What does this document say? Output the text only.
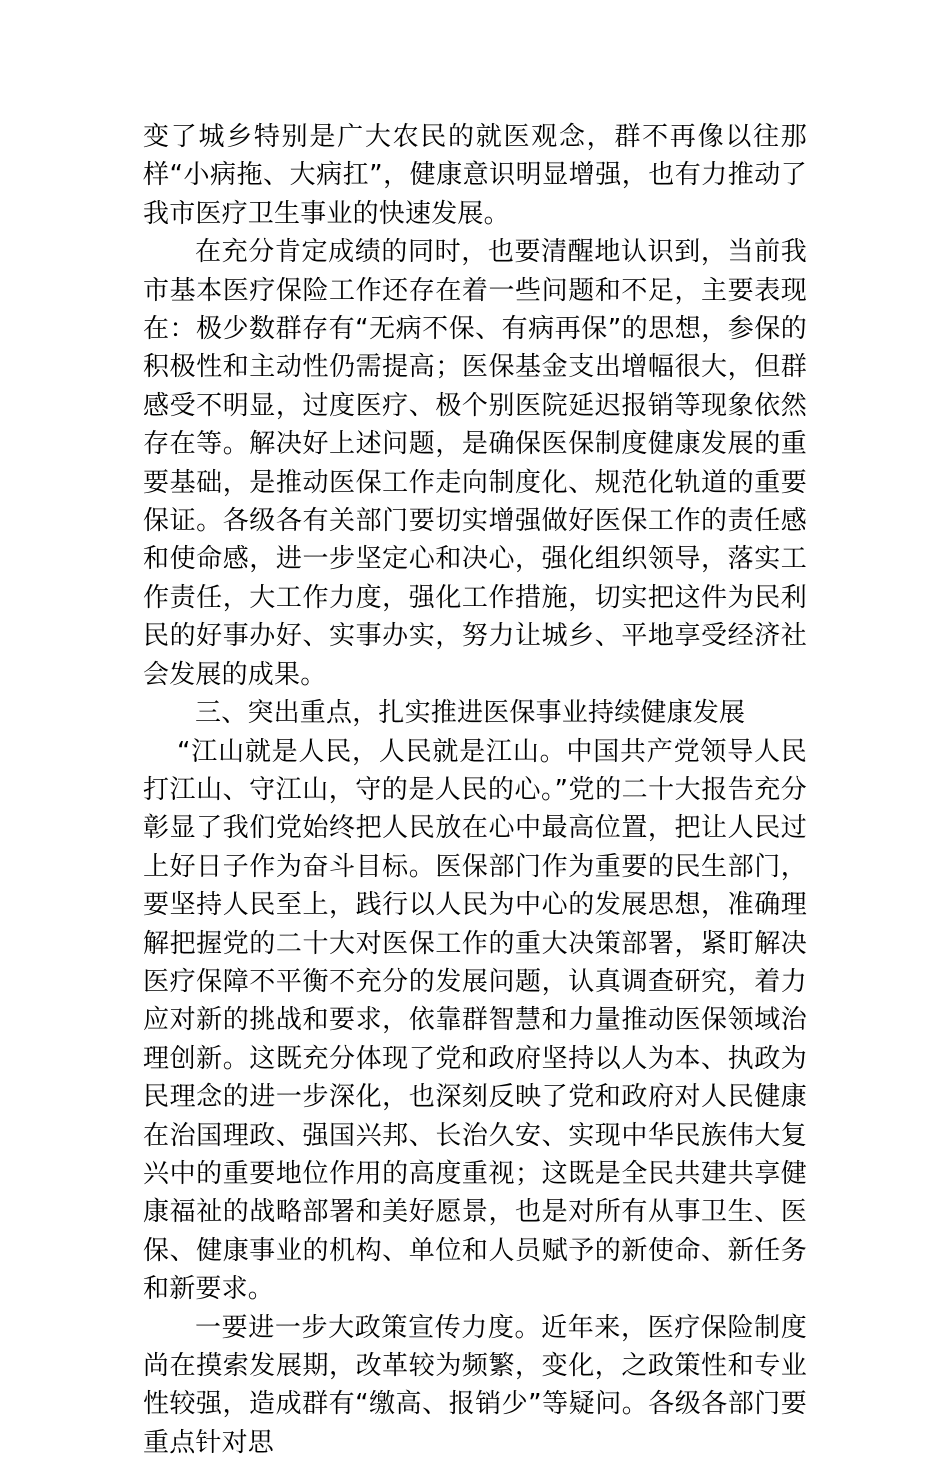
变了城乡特别是广大农民的就医观念，群不再像以往那样“小病拖、大病扛”，健康意识明显增强，也有力推动了我市医疗卫生事业的快速发展。

在充分肯定成绩的同时，也要清醒地认识到，当前我市基本医疗保险工作还存在着一些问题和不足，主要表现在：极少数群存有“无病不保、有病再保”的思想，参保的积极性和主动性仍需提高；医保基金支出增幅很大，但群感受不明显，过度医疗、极个别医院延迟报销等现象依然存在等。解决好上述问题，是确保医保制度健康发展的重要基础，是推动医保工作走向制度化、规范化轨道的重要保证。各级各有关部门要切实增强做好医保工作的责任感和使命感，进一步坚定心和决心，强化组织领导，落实工作责任，大工作力度，强化工作措施，切实把这件为民利民的好事办好、实事办实，努力让城乡、平地享受经济社会发展的成果。

三、突出重点，扎实推进医保事业持续健康发展

“江山就是人民，人民就是江山。中国共产党领导人民打江山、守江山，守的是人民的心。”党的二十大报告充分彰显了我们党始终把人民放在心中最高位置，把让人民过上好日子作为奋斗目标。医保部门作为重要的民生部门，要坚持人民至上，践行以人民为中心的发展思想，准确理解把握党的二十大对医保工作的重大决策部署，紧盯解决医疗保障不平衡不充分的发展问题，认真调查研究，着力应对新的挑战和要求，依靠群智慧和力量推动医保领域治理创新。这既充分体现了党和政府坚持以人为本、执政为民理念的进一步深化，也深刻反映了党和政府对人民健康在治国理政、强国兴邦、长治久安、实现中华民族伟大复兴中的重要地位作用的高度重视；这既是全民共建共享健康福祉的战略部署和美好愿景，也是对所有从事卫生、医保、健康事业的机构、单位和人员赋予的新使命、新任务和新要求。

一要进一步大政策宣传力度。近年来，医疗保险制度尚在摸索发展期，改革较为频繁，变化，之政策性和专业性较强，造成群有“缴高、报销少”等疑问。各级各部门要重点针对思
